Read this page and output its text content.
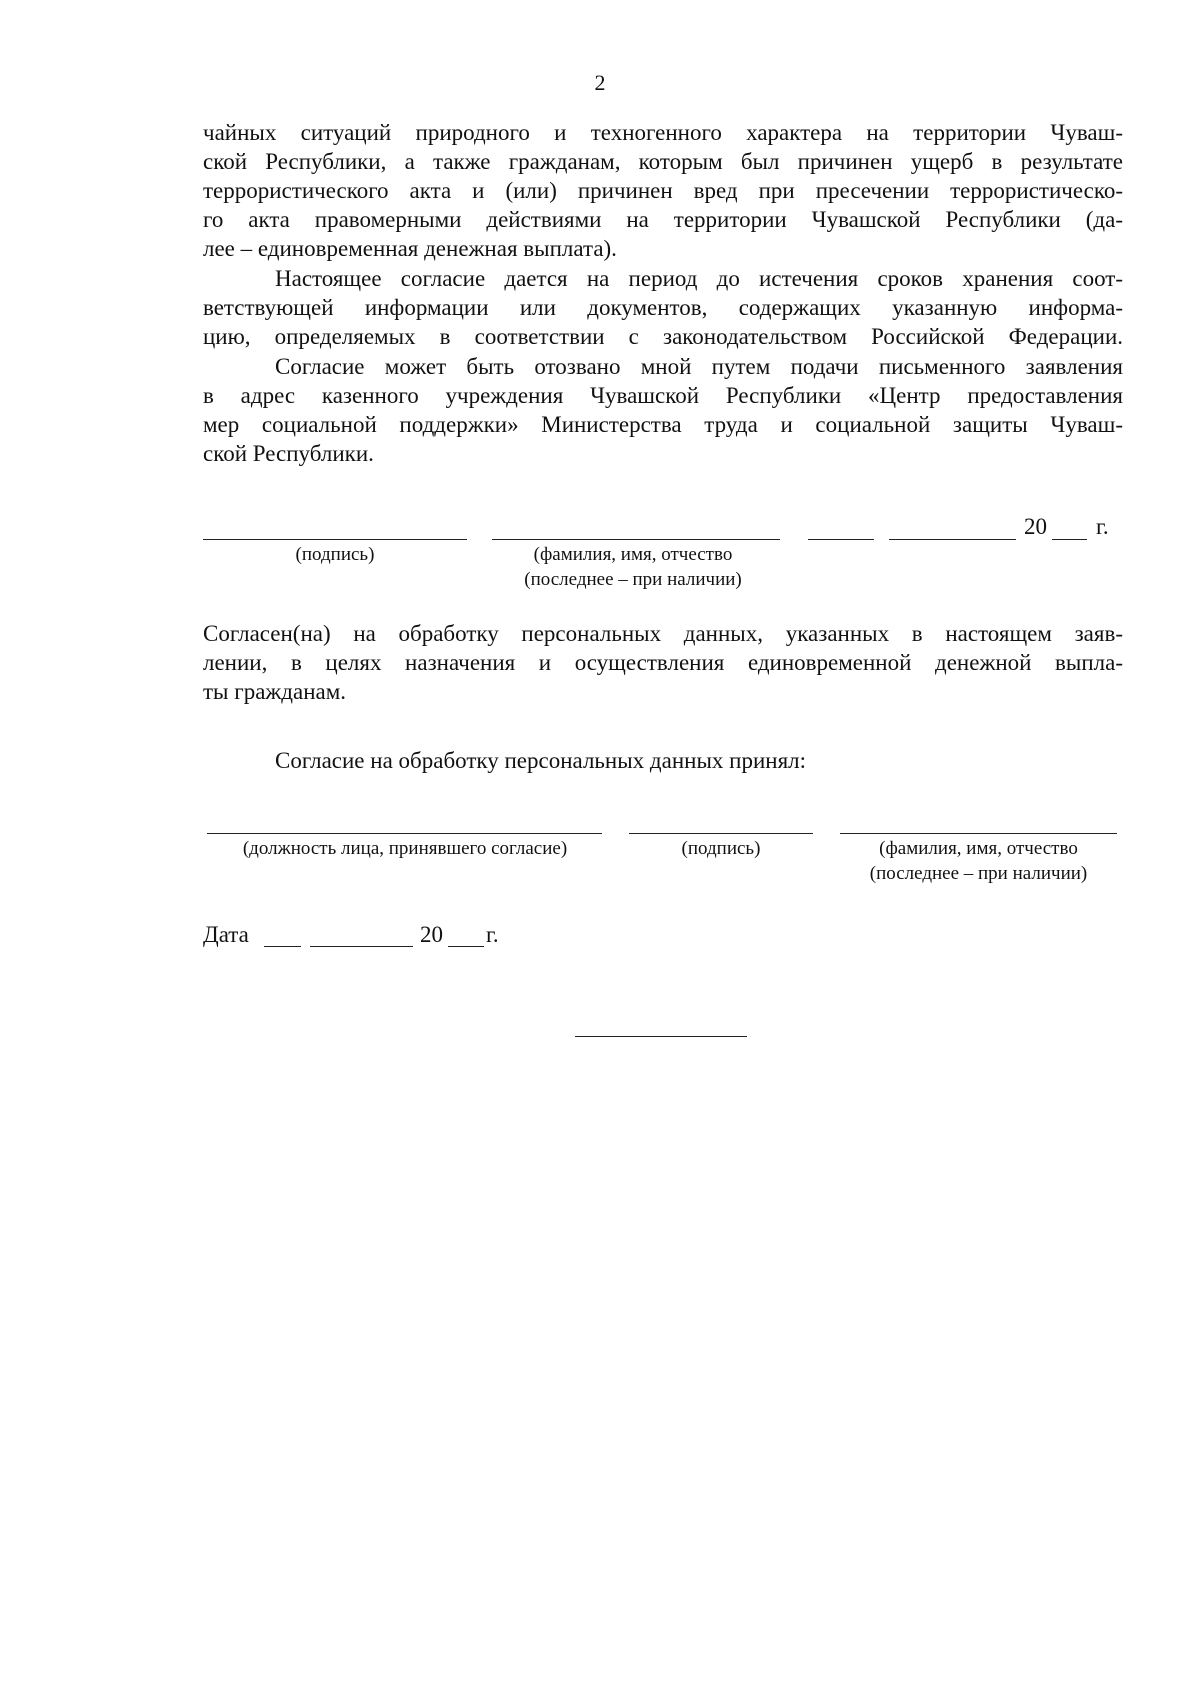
2
чайных ситуаций природного и техногенного характера на территории Чуваш-
ской Республики, а также гражданам, которым был причинен ущерб в результате
террористического акта и (или) причинен вред при пресечении террористическо-
го акта правомерными действиями на территории Чувашской Республики (да-
лее – единовременная денежная выплата).
Настоящее согласие дается на период до истечения сроков хранения соот-
ветствующей информации или документов, содержащих указанную информа-
цию, определяемых в соответствии с законодательством Российской Федерации.
Согласие может быть отозвано мной путем подачи письменного заявления
в адрес казенного учреждения Чувашской Республики «Центр предоставления
мер социальной поддержки» Министерства труда и социальной защиты Чуваш-
ской Республики.
20 г.
(подпись)	(фамилия, имя, отчество
(последнее – при наличии)
Согласен(на) на обработку персональных данных, указанных в настоящем заяв-
лении, в целях назначения и осуществления единовременной денежной выпла-
ты гражданам.
Согласие на обработку персональных данных принял:
(должность лица, принявшего согласие)	(подпись)	(фамилия, имя, отчество
(последнее – при наличии)
Дата	20 г.
